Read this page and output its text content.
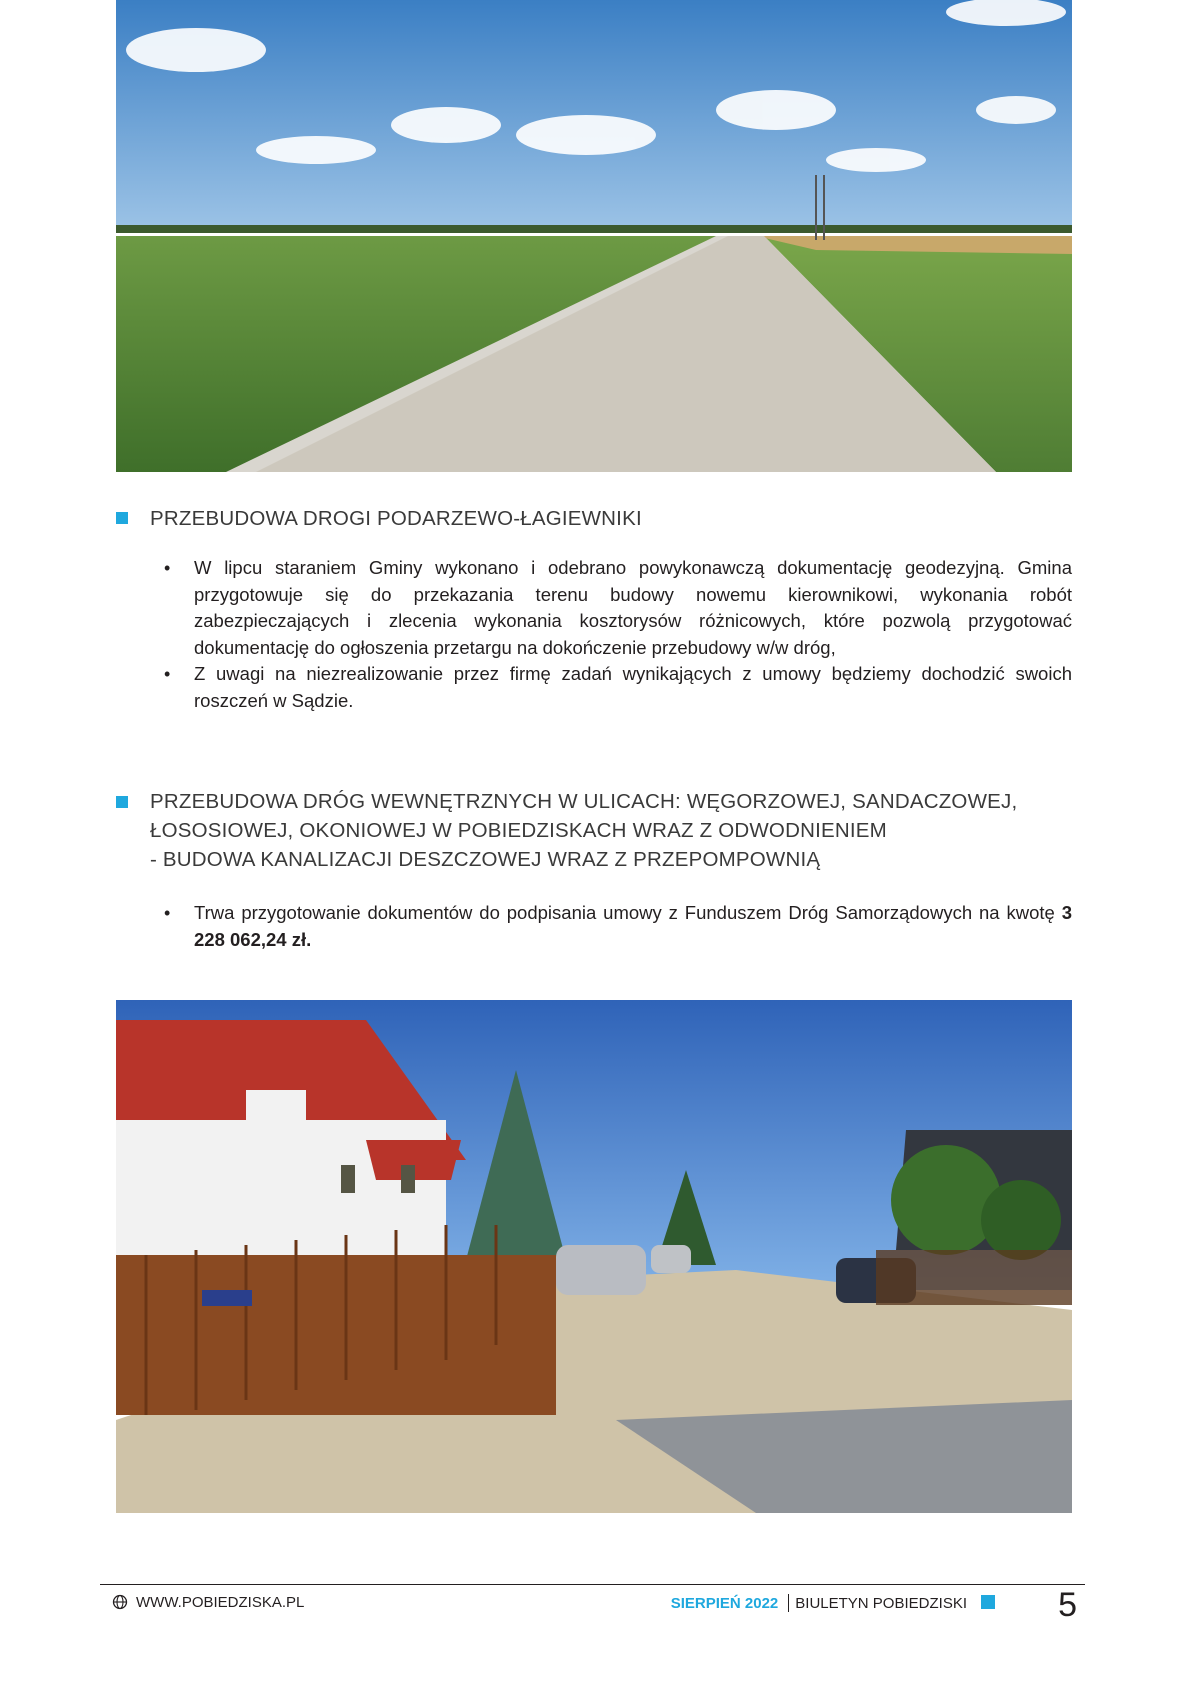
PRZEBUDOWA DROGI PODARZEWO-ŁAGIEWNIKI
• W lipcu staraniem Gminy wykonano i odebrano powykonawczą dokumentację geodezyjną. Gmina przygotowuje się do przekazania terenu budowy nowemu kierownikowi, wykonania robót zabezpieczających i zlecenia wykonania kosztorysów różnicowych, które pozwolą przygotować dokumentację do ogłoszenia przetargu na dokończenie przebudowy w/w dróg,
• Z uwagi na niezrealizowanie przez firmę zadań wynikających z umowy będziemy dochodzić swoich roszczeń w Sądzie.
PRZEBUDOWA DRÓG WEWNĘTRZNYCH W ULICACH: WĘGORZOWEJ, SANDACZOWEJ,
ŁOSOSIOWEJ, OKONIOWEJ W POBIEDZISKACH WRAZ Z ODWODNIENIEM
- BUDOWA KANALIZACJI DESZCZOWEJ WRAZ Z PRZEPOMPOWNIĄ
• Trwa przygotowanie dokumentów do podpisania umowy z Funduszem Dróg Samorządowych na kwotę 3 228 062,24 zł.
WWW.POBIEDZISKA.PL	SIERPIEŃ 2022 BIULETYN POBIEDZISKI	5
